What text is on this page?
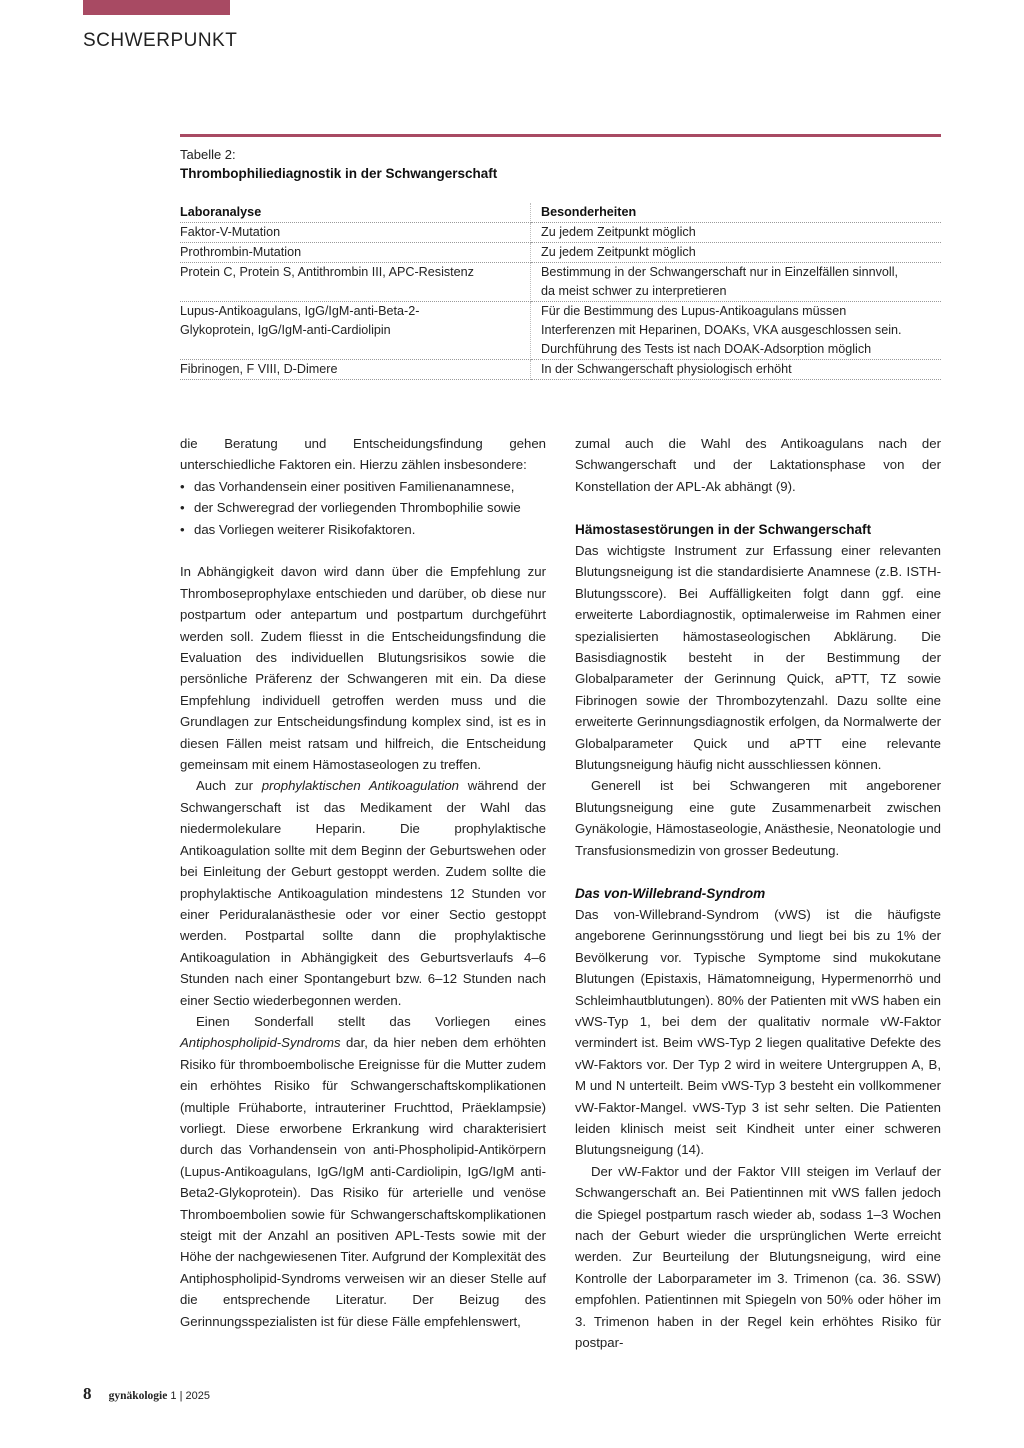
SCHWERPUNKT
Tabelle 2:
Thrombophiliediagnostik in der Schwangerschaft
Laboranalyse	Besonderheiten

Faktor-V-Mutation	Zu jedem Zeitpunkt möglich

Prothrombin-Mutation	Zu jedem Zeitpunkt möglich

Protein C, Protein S, Antithrombin III, APC-Resistenz	Bestimmung in der Schwangerschaft nur in Einzelfällen sinnvoll,
da meist schwer zu interpretieren

Lupus-Antikoagulans, IgG/IgM-anti-Beta-2-
Glykoprotein, IgG/IgM-anti-Cardiolipin	Für die Bestimmung des Lupus-Antikoagulans müssen
Interferenzen mit Heparinen, DOAKs, VKA ausgeschlossen sein.
Durchführung des Tests ist nach DOAK-Adsorption möglich

Fibrinogen, F VIII, D-Dimere	In der Schwangerschaft physiologisch erhöht

die Beratung und Entscheidungsfindung gehen unterschiedliche Faktoren ein. Hierzu zählen insbesondere:

• das Vorhandensein einer positiven Familienanamnese,
• der Schweregrad der vorliegenden Thrombophilie sowie
• das Vorliegen weiterer Risikofaktoren.

In Abhängigkeit davon wird dann über die Empfehlung zur Thromboseprophylaxe entschieden und darüber, ob diese nur postpartum oder antepartum und postpartum durchgeführt werden soll. Zudem fliesst in die Entscheidungsfindung die Evaluation des individuellen Blutungsrisikos sowie die persönliche Präferenz der Schwangeren mit ein. Da diese Empfehlung individuell getroffen werden muss und die Grundlagen zur Entscheidungsfindung komplex sind, ist es in diesen Fällen meist ratsam und hilfreich, die Entscheidung gemeinsam mit einem Hämostaseologen zu treffen.

Auch zur prophylaktischen Antikoagulation während der Schwangerschaft ist das Medikament der Wahl das niedermolekulare Heparin. Die prophylaktische Antikoagulation sollte mit dem Beginn der Geburtswehen oder bei Einleitung der Geburt gestoppt werden. Zudem sollte die prophylaktische Antikoagulation mindestens 12 Stunden vor einer Periduralanästhesie oder vor einer Sectio gestoppt werden. Postpartal sollte dann die prophylaktische Antikoagulation in Abhängigkeit des Geburtsverlaufs 4–6 Stunden nach einer Spontangeburt bzw. 6–12 Stunden nach einer Sectio wiederbegonnen werden.

Einen Sonderfall stellt das Vorliegen eines Antiphospholipid-Syndroms dar, da hier neben dem erhöhten Risiko für thromboembolische Ereignisse für die Mutter zudem ein erhöhtes Risiko für Schwangerschaftskomplikationen (multiple Frühaborte, intrauteriner Fruchttod, Präeklampsie) vorliegt. Diese erworbene Erkrankung wird charakterisiert durch das Vorhandensein von anti-Phospholipid-Antikörpern (Lupus-Antikoagulans, IgG/IgM anti-Cardiolipin, IgG/IgM anti-Beta2-Glykoprotein). Das Risiko für arterielle und venöse Thromboembolien sowie für Schwangerschaftskomplikationen steigt mit der Anzahl an positiven APL-Tests sowie mit der Höhe der nachgewiesenen Titer. Aufgrund der Komplexität des Antiphospholipid-Syndroms verweisen wir an dieser Stelle auf die entsprechende Literatur. Der Beizug des Gerinnungsspezialisten ist für diese Fälle empfehlenswert,

zumal auch die Wahl des Antikoagulans nach der Schwangerschaft und der Laktationsphase von der Konstellation der APL-Ak abhängt (9).

Hämostasestörungen in der Schwangerschaft

Das wichtigste Instrument zur Erfassung einer relevanten Blutungsneigung ist die standardisierte Anamnese (z.B. ISTH-Blutungsscore). Bei Auffälligkeiten folgt dann ggf. eine erweiterte Labordiagnostik, optimalerweise im Rahmen einer spezialisierten hämostaseologischen Abklärung. Die Basisdiagnostik besteht in der Bestimmung der Globalparameter der Gerinnung Quick, aPTT, TZ sowie Fibrinogen sowie der Thrombozytenzahl. Dazu sollte eine erweiterte Gerinnungsdiagnostik erfolgen, da Normalwerte der Globalparameter Quick und aPTT eine relevante Blutungsneigung häufig nicht ausschliessen können.

Generell ist bei Schwangeren mit angeborener Blutungsneigung eine gute Zusammenarbeit zwischen Gynäkologie, Hämostaseologie, Anästhesie, Neonatologie und Transfusionsmedizin von grosser Bedeutung.

Das von-Willebrand-Syndrom

Das von-Willebrand-Syndrom (vWS) ist die häufigste angeborene Gerinnungsstörung und liegt bei bis zu 1% der Bevölkerung vor. Typische Symptome sind mukokutane Blutungen (Epistaxis, Hämatomneigung, Hypermenorrhö und Schleimhautblutungen). 80% der Patienten mit vWS haben ein vWS-Typ 1, bei dem der qualitativ normale vW-Faktor vermindert ist. Beim vWS-Typ 2 liegen qualitative Defekte des vW-Faktors vor. Der Typ 2 wird in weitere Untergruppen A, B, M und N unterteilt. Beim vWS-Typ 3 besteht ein vollkommener vW-Faktor-Mangel. vWS-Typ 3 ist sehr selten. Die Patienten leiden klinisch meist seit Kindheit unter einer schweren Blutungsneigung (14).

Der vW-Faktor und der Faktor VIII steigen im Verlauf der Schwangerschaft an. Bei Patientinnen mit vWS fallen jedoch die Spiegel postpartum rasch wieder ab, sodass 1–3 Wochen nach der Geburt wieder die ursprünglichen Werte erreicht werden. Zur Beurteilung der Blutungsneigung, wird eine Kontrolle der Laborparameter im 3. Trimenon (ca. 36. SSW) empfohlen. Patientinnen mit Spiegeln von 50% oder höher im 3. Trimenon haben in der Regel kein erhöhtes Risiko für postpar-

8 gynäkologie 1 | 2025
